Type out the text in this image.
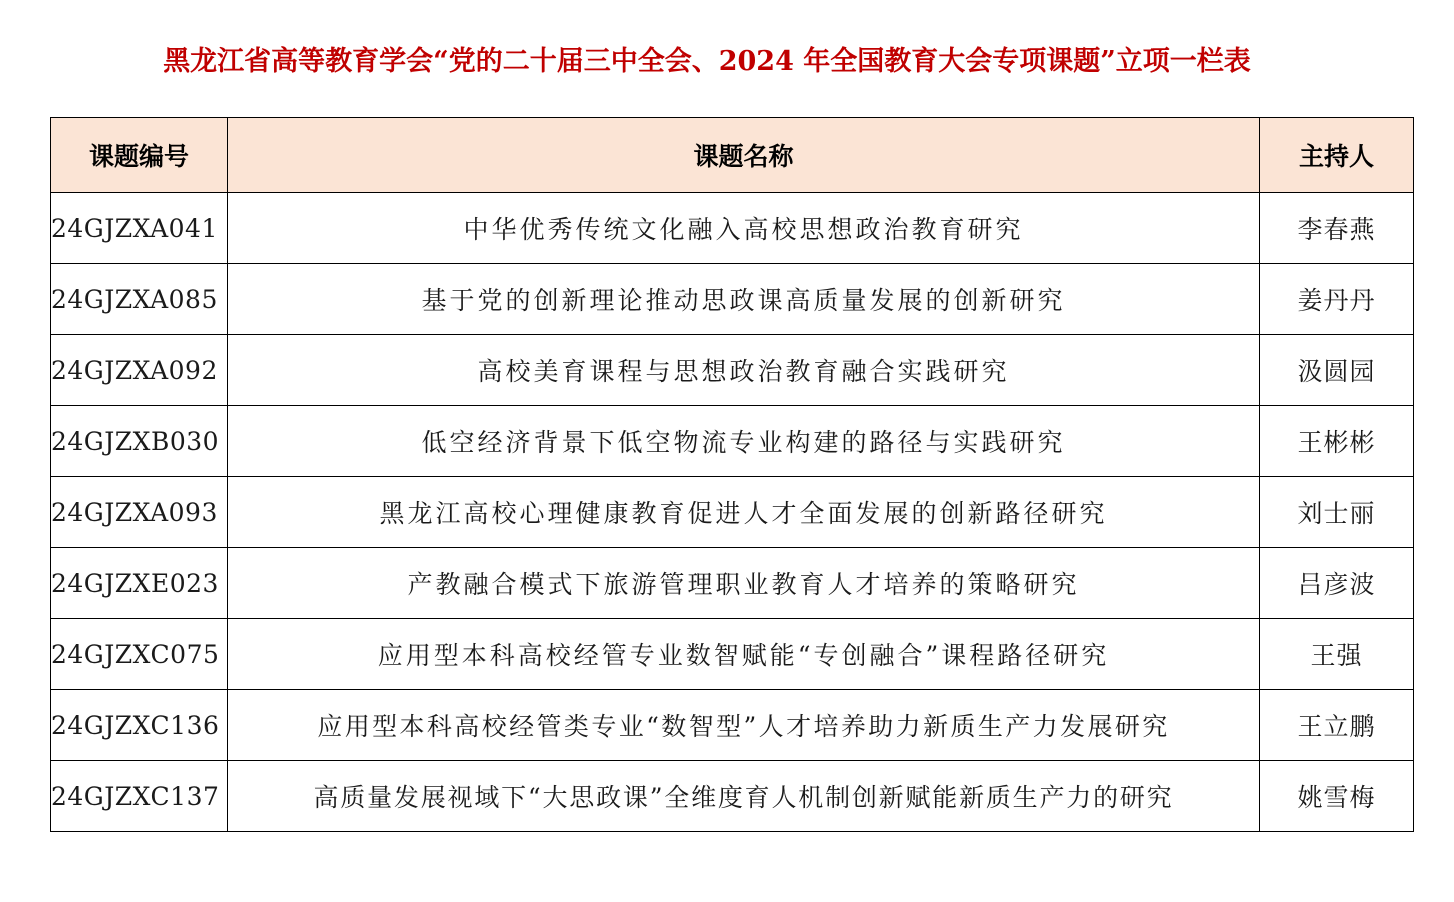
黑龙江省高等教育学会“党的二十届三中全会、2024 年全国教育大会专项课题”立项一栏表
课题编号	课题名称	主持人
24GJZXA041	中华优秀传统文化融入高校思想政治教育研究	李春燕
24GJZXA085	基于党的创新理论推动思政课高质量发展的创新研究	姜丹丹
24GJZXA092	高校美育课程与思想政治教育融合实践研究	汲圆园
24GJZXB030	低空经济背景下低空物流专业构建的路径与实践研究	王彬彬
24GJZXA093	黑龙江高校心理健康教育促进人才全面发展的创新路径研究	刘士丽
24GJZXE023	产教融合模式下旅游管理职业教育人才培养的策略研究	吕彦波
24GJZXC075	应用型本科高校经管专业数智赋能“专创融合”课程路径研究	王强
24GJZXC136	应用型本科高校经管类专业“数智型”人才培养助力新质生产力发展研究	王立鹏
24GJZXC137	高质量发展视域下“大思政课”全维度育人机制创新赋能新质生产力的研究	姚雪梅
